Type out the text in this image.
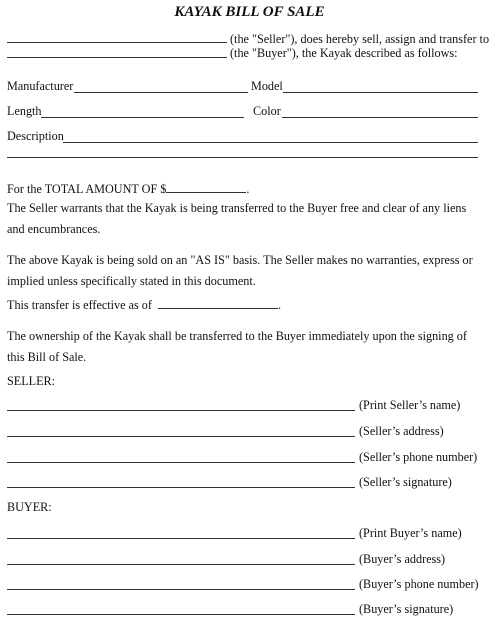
KAYAK BILL OF SALE
(the "Seller"), does hereby sell, assign and transfer to
(the "Buyer"), the Kayak described as follows:
Manufacturer	Model
Length	Color
Description
For the TOTAL AMOUNT OF $	.
The Seller warrants that the Kayak is being transferred to the Buyer free and clear of any liens and encumbrances.
The above Kayak is being sold on an "AS IS" basis. The Seller makes no warranties, express or implied unless specifically stated in this document.
This transfer is effective as of	.
The ownership of the Kayak shall be transferred to the Buyer immediately upon the signing of this Bill of Sale.
SELLER:
(Print Seller’s name)
(Seller’s address)
(Seller’s phone number)
(Seller’s signature)
BUYER:
(Print Buyer’s name)
(Buyer’s address)
(Buyer’s phone number)
(Buyer’s signature)
